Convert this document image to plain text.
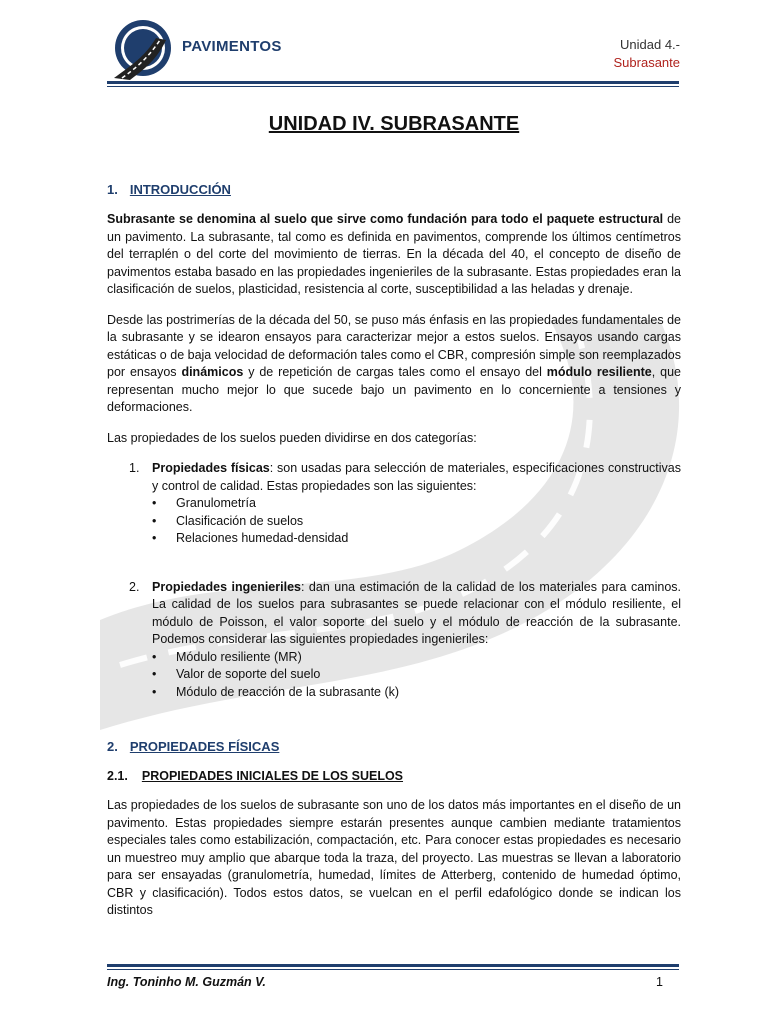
PAVIMENTOS	Unidad 4.-
Subrasante
UNIDAD IV. SUBRASANTE
1. INTRODUCCIÓN

Subrasante se denomina al suelo que sirve como fundación para todo el paquete estructural de un pavimento. La subrasante, tal como es definida en pavimentos, comprende los últimos centímetros del terraplén o del corte del movimiento de tierras. En la década del 40, el concepto de diseño de pavimentos estaba basado en las propiedades ingenieriles de la subrasante. Estas propiedades eran la clasificación de suelos, plasticidad, resistencia al corte, susceptibilidad a las heladas y drenaje.

Desde las postrimerías de la década del 50, se puso más énfasis en las propiedades fundamentales de la subrasante y se idearon ensayos para caracterizar mejor a estos suelos. Ensayos usando cargas estáticas o de baja velocidad de deformación tales como el CBR, compresión simple son reemplazados por ensayos dinámicos y de repetición de cargas tales como el ensayo del módulo resiliente, que representan mucho mejor lo que sucede bajo un pavimento en lo concerniente a tensiones y deformaciones.

Las propiedades de los suelos pueden dividirse en dos categorías:

1.	Propiedades físicas: son usadas para selección de materiales, especificaciones constructivas y control de calidad. Estas propiedades son las siguientes:
•	Granulometría
•	Clasificación de suelos
•	Relaciones humedad-densidad
2.	Propiedades ingenieriles: dan una estimación de la calidad de los materiales para caminos. La calidad de los suelos para subrasantes se puede relacionar con el módulo resiliente, el módulo de Poisson, el valor soporte del suelo y el módulo de reacción de la subrasante. Podemos considerar las siguientes propiedades ingenieriles:
•	Módulo resiliente (MR)
•	Valor de soporte del suelo
•	Módulo de reacción de la subrasante (k)
2. PROPIEDADES FÍSICAS
2.1. PROPIEDADES INICIALES DE LOS SUELOS

Las propiedades de los suelos de subrasante son uno de los datos más importantes en el diseño de un pavimento. Estas propiedades siempre estarán presentes aunque cambien mediante tratamientos especiales tales como estabilización, compactación, etc. Para conocer estas propiedades es necesario un muestreo muy amplio que abarque toda la traza, del proyecto. Las muestras se llevan a laboratorio para ser ensayadas (granulometría, humedad, límites de Atterberg, contenido de humedad óptimo, CBR y clasificación). Todos estos datos, se vuelcan en el perfil edafológico donde se indican los distintos

Ing. Toninho M. Guzmán V.	1
